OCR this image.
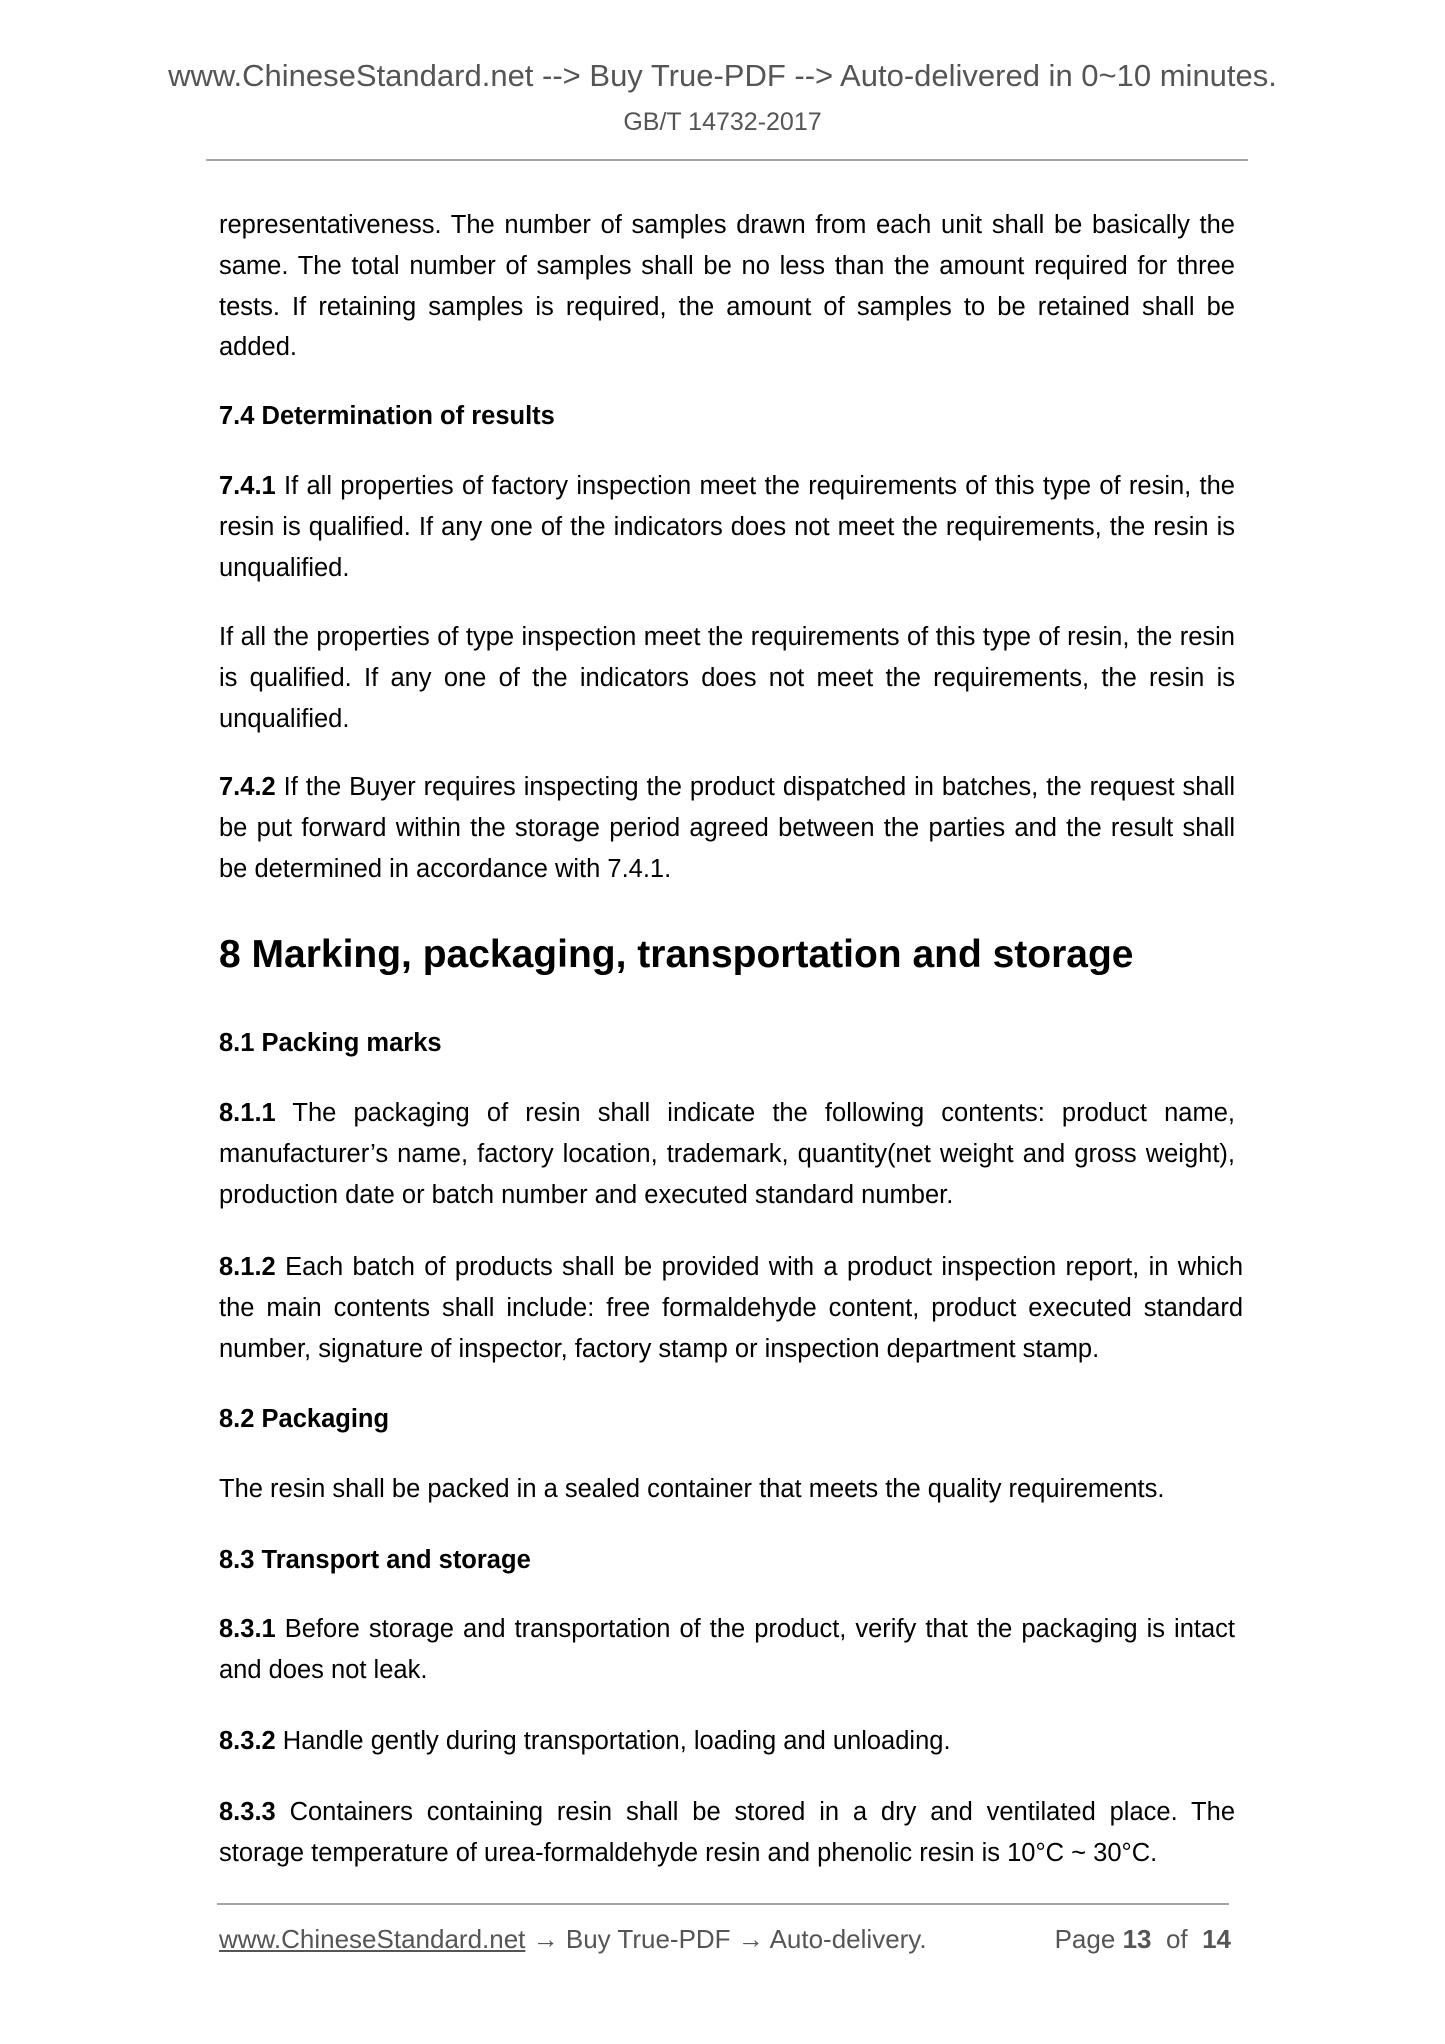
www.ChineseStandard.net --> Buy True-PDF --> Auto-delivered in 0~10 minutes.
GB/T 14732-2017
representativeness. The number of samples drawn from each unit shall be basically the same. The total number of samples shall be no less than the amount required for three tests. If retaining samples is required, the amount of samples to be retained shall be added.
7.4 Determination of results
7.4.1 If all properties of factory inspection meet the requirements of this type of resin, the resin is qualified. If any one of the indicators does not meet the requirements, the resin is unqualified.
If all the properties of type inspection meet the requirements of this type of resin, the resin is qualified. If any one of the indicators does not meet the requirements, the resin is unqualified.
7.4.2 If the Buyer requires inspecting the product dispatched in batches, the request shall be put forward within the storage period agreed between the parties and the result shall be determined in accordance with 7.4.1.
8 Marking, packaging, transportation and storage
8.1 Packing marks
8.1.1 The packaging of resin shall indicate the following contents: product name, manufacturer’s name, factory location, trademark, quantity(net weight and gross weight), production date or batch number and executed standard number.
8.1.2 Each batch of products shall be provided with a product inspection report, in which the main contents shall include: free formaldehyde content, product executed standard number, signature of inspector, factory stamp or inspection department stamp.
8.2 Packaging
The resin shall be packed in a sealed container that meets the quality requirements.
8.3 Transport and storage
8.3.1 Before storage and transportation of the product, verify that the packaging is intact and does not leak.
8.3.2 Handle gently during transportation, loading and unloading.
8.3.3 Containers containing resin shall be stored in a dry and ventilated place. The storage temperature of urea-formaldehyde resin and phenolic resin is 10°C ~ 30°C.
www.ChineseStandard.net → Buy True-PDF → Auto-delivery.	Page 13 of 14
